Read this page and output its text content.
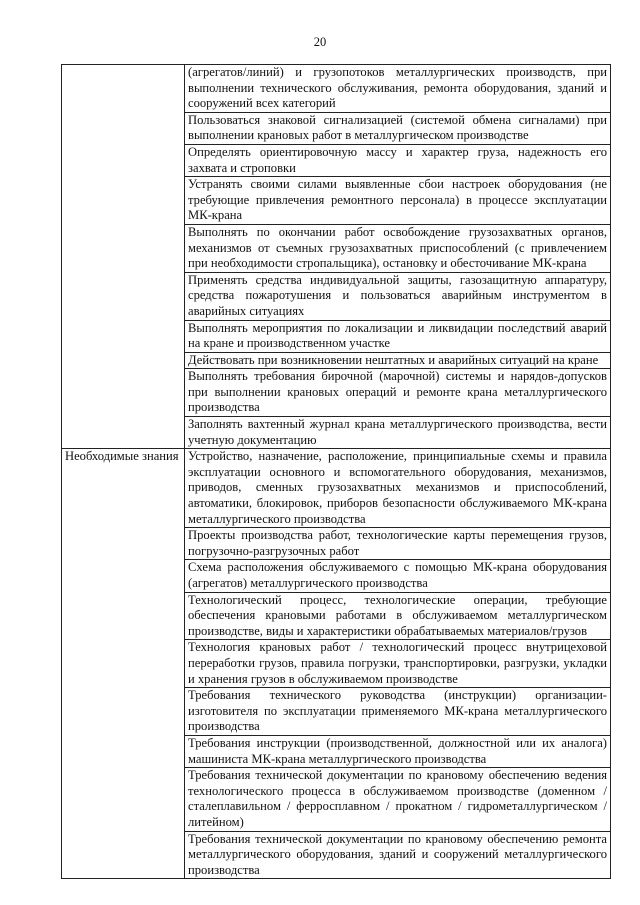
20
	(агрегатов/линий) и грузопотоков металлургических производств, при выполнении технического обслуживания, ремонта оборудования, зданий и сооружений всех категорий
	Пользоваться знаковой сигнализацией (системой обмена сигналами) при выполнении крановых работ в металлургическом производстве
	Определять ориентировочную массу и характер груза, надежность его захвата и строповки
	Устранять своими силами выявленные сбои настроек оборудования (не требующие привлечения ремонтного персонала) в процессе эксплуатации МК-крана
	Выполнять по окончании работ освобождение грузозахватных органов, механизмов от съемных грузозахватных приспособлений (с привлечением при необходимости стропальщика), остановку и обесточивание МК-крана
	Применять средства индивидуальной защиты, газозащитную аппаратуру, средства пожаротушения и пользоваться аварийным инструментом в аварийных ситуациях
	Выполнять мероприятия по локализации и ликвидации последствий аварий на кране и производственном участке
	Действовать при возникновении нештатных и аварийных ситуаций на кране
	Выполнять требования бирочной (марочной) системы и нарядов-допусков при выполнении крановых операций и ремонте крана металлургического производства
	Заполнять вахтенный журнал крана металлургического производства, вести учетную документацию
Необходимые знания	Устройство, назначение, расположение, принципиальные схемы и правила эксплуатации основного и вспомогательного оборудования, механизмов, приводов, сменных грузозахватных механизмов и приспособлений, автоматики, блокировок, приборов безопасности обслуживаемого МК-крана металлургического производства
	Проекты производства работ, технологические карты перемещения грузов, погрузочно-разгрузочных работ
	Схема расположения обслуживаемого с помощью МК-крана оборудования (агрегатов) металлургического производства
	Технологический процесс, технологические операции, требующие обеспечения крановыми работами в обслуживаемом металлургическом производстве, виды и характеристики обрабатываемых материалов/грузов
	Технология крановых работ / технологический процесс внутрицеховой переработки грузов, правила погрузки, транспортировки, разгрузки, укладки и хранения грузов в обслуживаемом производстве
	Требования технического руководства (инструкции) организации-изготовителя по эксплуатации применяемого МК-крана металлургического производства
	Требования инструкции (производственной, должностной или их аналога) машиниста МК-крана металлургического производства
	Требования технической документации по крановому обеспечению ведения технологического процесса в обслуживаемом производстве (доменном / сталеплавильном / ферросплавном / прокатном / гидрометаллургическом / литейном)
	Требования технической документации по крановому обеспечению ремонта металлургического оборудования, зданий и сооружений металлургического производства
